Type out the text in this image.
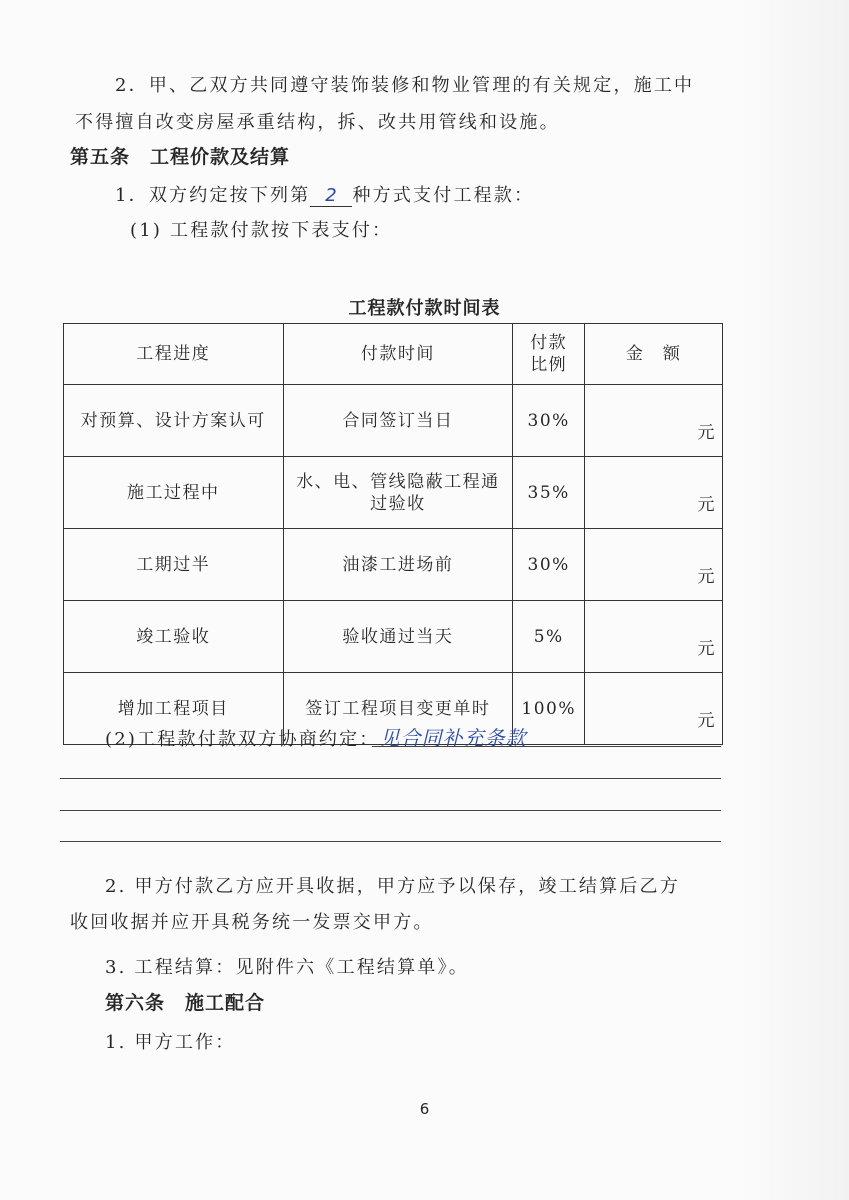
2．甲、乙双方共同遵守装饰装修和物业管理的有关规定，施工中
不得擅自改变房屋承重结构，拆、改共用管线和设施。
第五条　工程价款及结算
1．双方约定按下列第 2 种方式支付工程款：
(1) 工程款付款按下表支付：
工程款付款时间表
工程进度	付款时间	付款比例	金　额
对预算、设计方案认可	合同签订当日	30%	元
施工过程中	水、电、管线隐蔽工程通过验收	35%	元
工期过半	油漆工进场前	30%	元
竣工验收	验收通过当天	5%	元
增加工程项目	签订工程项目变更单时	100%	元
(2)工程款付款双方协商约定：见合同补充条款
2. 甲方付款乙方应开具收据，甲方应予以保存，竣工结算后乙方
收回收据并应开具税务统一发票交甲方。
3. 工程结算：见附件六《工程结算单》。
第六条　施工配合
1. 甲方工作：
6
